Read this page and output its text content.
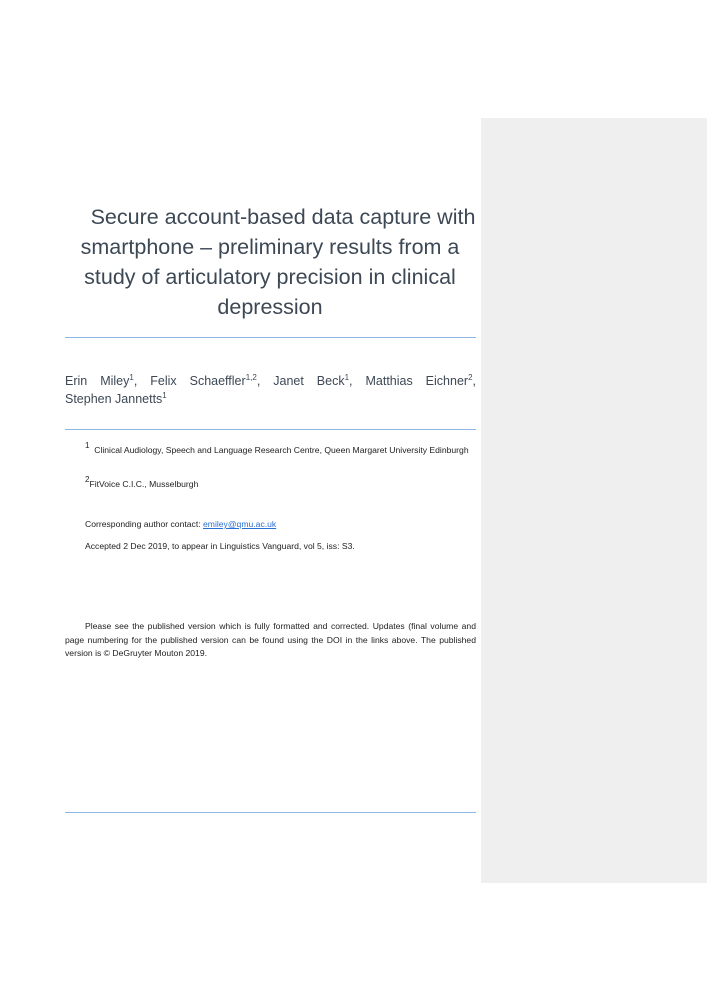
Secure account-based data capture with
smartphone – preliminary results from a
study of articulatory precision in clinical
depression
Erin Miley$^1$, Felix Schaeffler$^{1,2}$, Janet Beck$^1$, Matthias Eichner$^2$,
Stephen Jannetts$^1$
$^1$ Clinical Audiology, Speech and Language Research Centre, Queen Margaret University Edinburgh
$^2$FitVoice C.I.C., Musselburgh
Corresponding author contact: emiley@qmu.ac.uk
Accepted 2 Dec 2019, to appear in Linguistics Vanguard, vol 5, iss: S3.
Please see the published version which is fully formatted and corrected. Updates (final volume and page numbering for the published version can be found using the DOI in the links above. The published version is © DeGruyter Mouton 2019.
